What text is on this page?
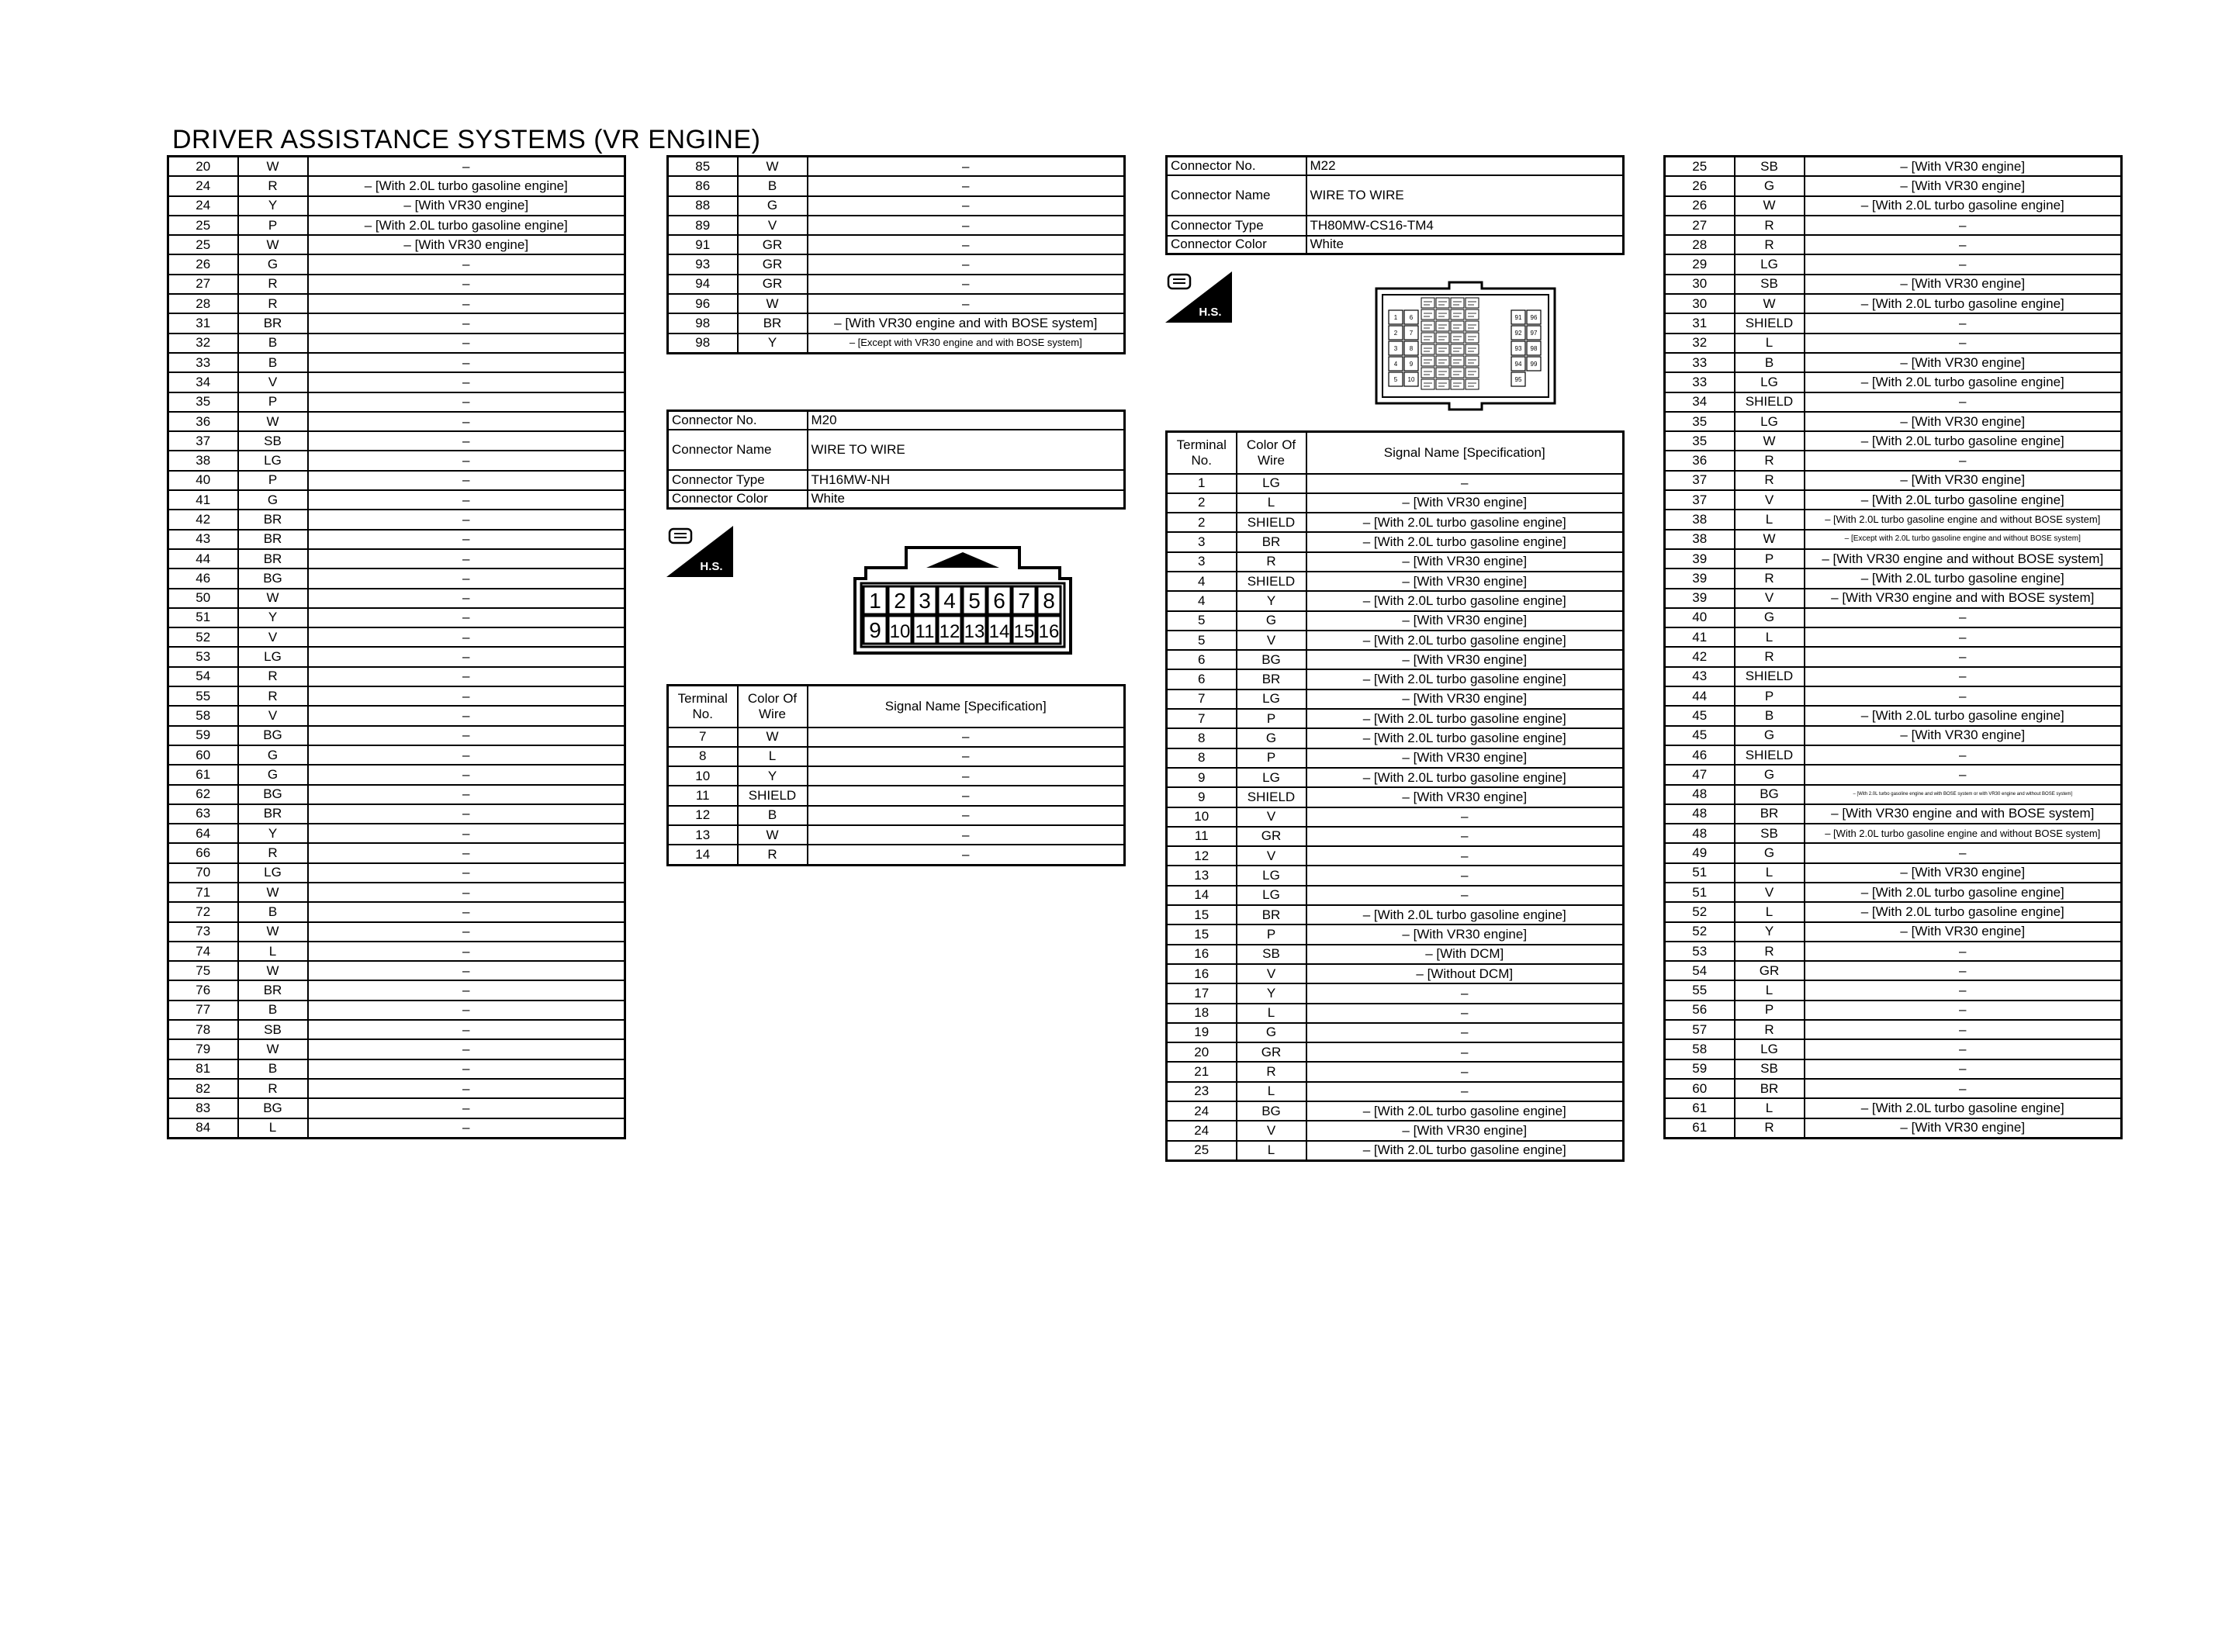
DRIVER ASSISTANCE SYSTEMS (VR ENGINE)
20	W	–
24	R	– [With 2.0L turbo gasoline engine]
24	Y	– [With VR30 engine]
25	P	– [With 2.0L turbo gasoline engine]
25	W	– [With VR30 engine]
26	G	–
27	R	–
28	R	–
31	BR	–
32	B	–
33	B	–
34	V	–
35	P	–
36	W	–
37	SB	–
38	LG	–
40	P	–
41	G	–
42	BR	–
43	BR	–
44	BR	–
46	BG	–
50	W	–
51	Y	–
52	V	–
53	LG	–
54	R	–
55	R	–
58	V	–
59	BG	–
60	G	–
61	G	–
62	BG	–
63	BR	–
64	Y	–
66	R	–
70	LG	–
71	W	–
72	B	–
73	W	–
74	L	–
75	W	–
76	BR	–
77	B	–
78	SB	–
79	W	–
81	B	–
82	R	–
83	BG	–
84	L	–
85	W	–
86	B	–
88	G	–
89	V	–
91	GR	–
93	GR	–
94	GR	–
96	W	–
98	BR	– [With VR30 engine and with BOSE system]
98	Y	– [Except with VR30 engine and with BOSE system]
Connector No.	M20
Connector Name	WIRE TO WIRE
Connector Type	TH16MW-NH
Connector Color	White
H.S.
1 2 3 4 5 6 7 8
9 10 11 12 13 14 15 16
Terminal No.	Color Of Wire	Signal Name [Specification]
7	W	–
8	L	–
10	Y	–
11	SHIELD	–
12	B	–
13	W	–
14	R	–
Connector No.	M22
Connector Name	WIRE TO WIRE
Connector Type	TH80MW-CS16-TM4
Connector Color	White
H.S.	1 6
2 7
3 8
4 9
5 10
91 96
92 97
93 98
94 99
95
Terminal No.	Color Of Wire	Signal Name [Specification]
1	LG	–
2	L	– [With VR30 engine]
2	SHIELD	– [With 2.0L turbo gasoline engine]
3	BR	– [With 2.0L turbo gasoline engine]
3	R	– [With VR30 engine]
4	SHIELD	– [With VR30 engine]
4	Y	– [With 2.0L turbo gasoline engine]
5	G	– [With VR30 engine]
5	V	– [With 2.0L turbo gasoline engine]
6	BG	– [With VR30 engine]
6	BR	– [With 2.0L turbo gasoline engine]
7	LG	– [With VR30 engine]
7	P	– [With 2.0L turbo gasoline engine]
8	G	– [With 2.0L turbo gasoline engine]
8	P	– [With VR30 engine]
9	LG	– [With 2.0L turbo gasoline engine]
9	SHIELD	– [With VR30 engine]
10	V	–
11	GR	–
12	V	–
13	LG	–
14	LG	–
15	BR	– [With 2.0L turbo gasoline engine]
15	P	– [With VR30 engine]
16	SB	– [With DCM]
16	V	– [Without DCM]
17	Y	–
18	L	–
19	G	–
20	GR	–
21	R	–
23	L	–
24	BG	– [With 2.0L turbo gasoline engine]
24	V	– [With VR30 engine]
25	L	– [With 2.0L turbo gasoline engine]
25	SB	– [With VR30 engine]
26	G	– [With VR30 engine]
26	W	– [With 2.0L turbo gasoline engine]
27	R	–
28	R	–
29	LG	–
30	SB	– [With VR30 engine]
30	W	– [With 2.0L turbo gasoline engine]
31	SHIELD	–
32	L	–
33	B	– [With VR30 engine]
33	LG	– [With 2.0L turbo gasoline engine]
34	SHIELD	–
35	LG	– [With VR30 engine]
35	W	– [With 2.0L turbo gasoline engine]
36	R	–
37	R	– [With VR30 engine]
37	V	– [With 2.0L turbo gasoline engine]
38	L	– [With 2.0L turbo gasoline engine and without BOSE system]
38	W	– [Except with 2.0L turbo gasoline engine and without BOSE system]
39	P	– [With VR30 engine and without BOSE system]
39	R	– [With 2.0L turbo gasoline engine]
39	V	– [With VR30 engine and with BOSE system]
40	G	–
41	L	–
42	R	–
43	SHIELD	–
44	P	–
45	B	– [With 2.0L turbo gasoline engine]
45	G	– [With VR30 engine]
46	SHIELD	–
47	G	–
48	BG	– [With 2.0L turbo gasoline engine and with BOSE system or with VR30 engine and without BOSE system]
48	BR	– [With VR30 engine and with BOSE system]
48	SB	– [With 2.0L turbo gasoline engine and without BOSE system]
49	G	–
51	L	– [With VR30 engine]
51	V	– [With 2.0L turbo gasoline engine]
52	L	– [With 2.0L turbo gasoline engine]
52	Y	– [With VR30 engine]
53	R	–
54	GR	–
55	L	–
56	P	–
57	R	–
58	LG	–
59	SB	–
60	BR	–
61	L	– [With 2.0L turbo gasoline engine]
61	R	– [With VR30 engine]
